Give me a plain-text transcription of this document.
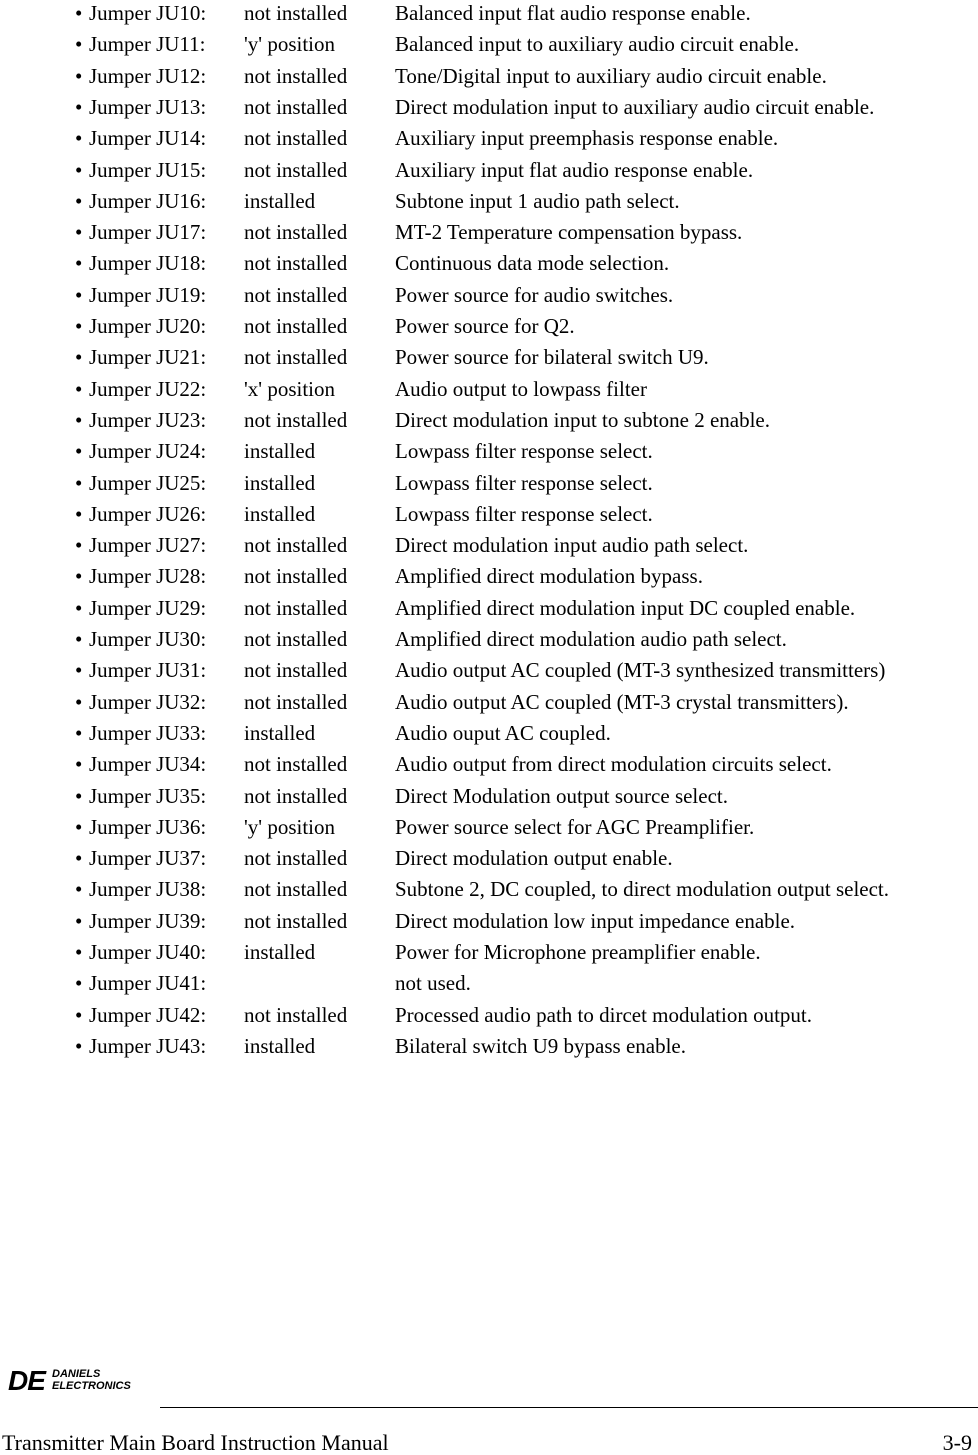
• Jumper JU10: not installed Balanced input flat audio response enable.
• Jumper JU11: 'y' position	Balanced input to auxiliary audio circuit enable.
• Jumper JU12: not installed Tone/Digital input to auxiliary audio circuit enable.
• Jumper JU13: not installed Direct modulation input to auxiliary audio circuit enable.
• Jumper JU14: not installed Auxiliary input preemphasis response enable.
• Jumper JU15: not installed Auxiliary input flat audio response enable.
• Jumper JU16: installed	Subtone input 1 audio path select.
• Jumper JU17: not installed MT-2 Temperature compensation bypass.
• Jumper JU18: not installed Continuous data mode selection.
• Jumper JU19: not installed Power source for audio switches.
• Jumper JU20: not installed Power source for Q2.
• Jumper JU21: not installed Power source for bilateral switch U9.
• Jumper JU22: 'x' position	Audio output to lowpass filter
• Jumper JU23: not installed Direct modulation input to subtone 2 enable.
• Jumper JU24: installed	Lowpass filter response select.
• Jumper JU25: installed	Lowpass filter response select.
• Jumper JU26: installed	Lowpass filter response select.
• Jumper JU27: not installed Direct modulation input audio path select.
• Jumper JU28: not installed Amplified direct modulation bypass.
• Jumper JU29: not installed Amplified direct modulation input DC coupled enable.
• Jumper JU30: not installed Amplified direct modulation audio path select.
• Jumper JU31: not installed Audio output AC coupled (MT-3 synthesized transmitters)
• Jumper JU32: not installed Audio output AC coupled (MT-3 crystal transmitters).
• Jumper JU33: installed	Audio ouput AC coupled.
• Jumper JU34: not installed Audio output from direct modulation circuits select.
• Jumper JU35: not installed Direct Modulation output source select.
• Jumper JU36: 'y' position	Power source select for AGC Preamplifier.
• Jumper JU37: not installed Direct modulation output enable.
• Jumper JU38: not installed Subtone 2, DC coupled, to direct modulation output select.
• Jumper JU39: not installed Direct modulation low input impedance enable.
• Jumper JU40: installed	Power for Microphone preamplifier enable.
• Jumper JU41:	not used.
• Jumper JU42: not installed Processed audio path to dircet modulation output.
• Jumper JU43: installed	Bilateral switch U9 bypass enable.
DE DANIELS
ELECTRONICS
Transmitter Main Board Instruction Manual	3-9
